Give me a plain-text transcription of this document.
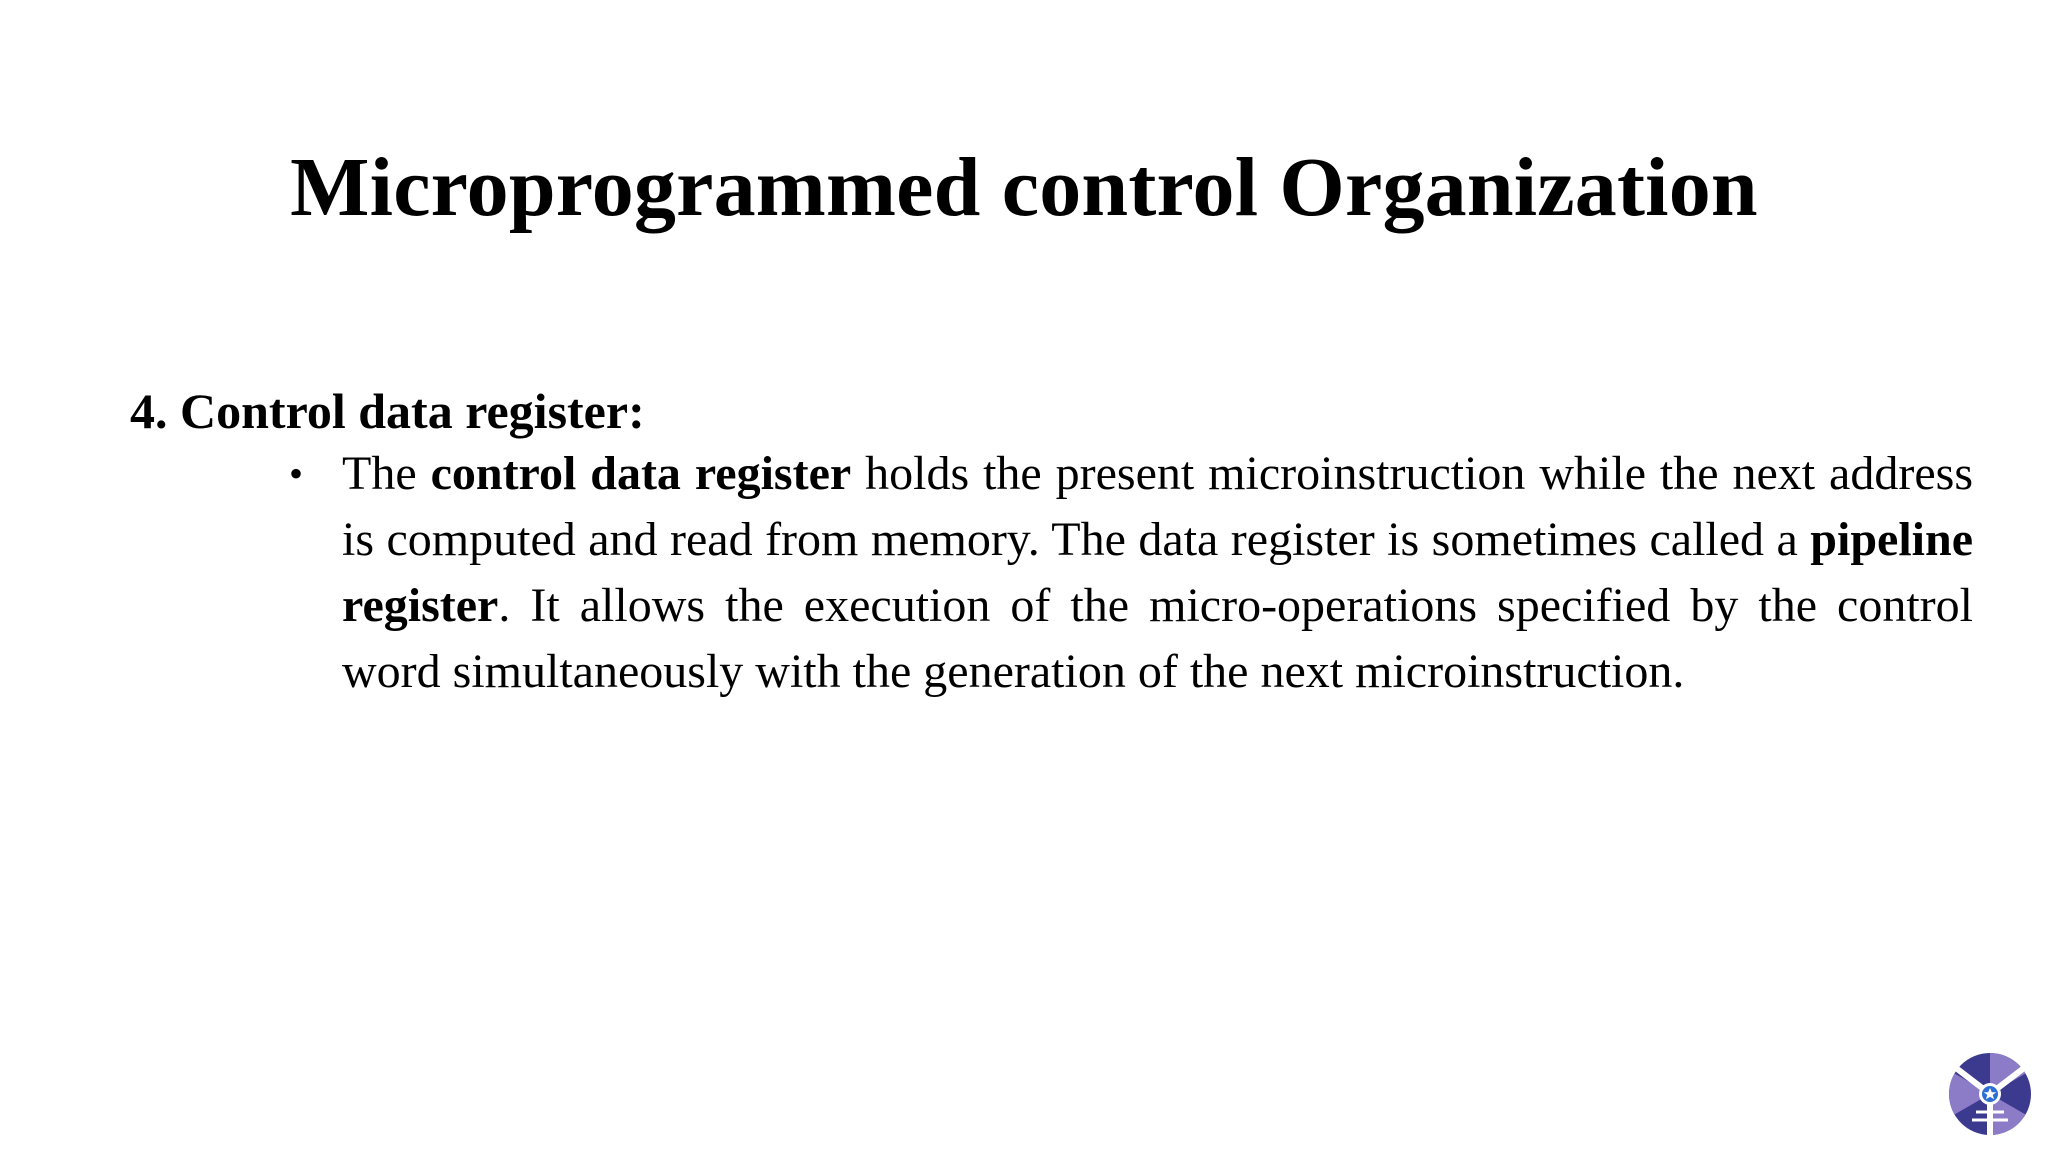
Microprogrammed control Organization
4. Control data register:
• The control data register holds the present microinstruction while the next address is computed and read from memory. The data register is sometimes called a pipeline register. It allows the execution of the micro-operations specified by the control word simultaneously with the generation of the next microinstruction.
